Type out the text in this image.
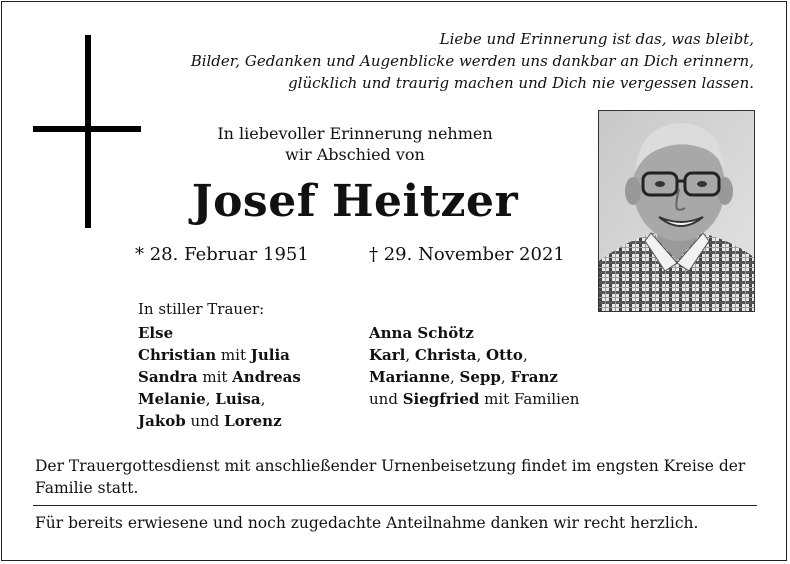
Liebe und Erinnerung ist das, was bleibt,
Bilder, Gedanken und Augenblicke werden uns dankbar an Dich erinnern,
glücklich und traurig machen und Dich nie vergessen lassen.
In liebevoller Erinnerung nehmen
wir Abschied von
Josef Heitzer
* 28. Februar 1951	† 29. November 2021
In stiller Trauer:
Else
Christian mit Julia
Sandra mit Andreas
Melanie, Luisa,
Jakob und Lorenz
Anna Schötz
Karl, Christa, Otto,
Marianne, Sepp, Franz
und Siegfried mit Familien
Der Trauergottesdienst mit anschließender Urnenbeisetzung findet im engsten Kreise der Familie statt.
Für bereits erwiesene und noch zugedachte Anteilnahme danken wir recht herzlich.
